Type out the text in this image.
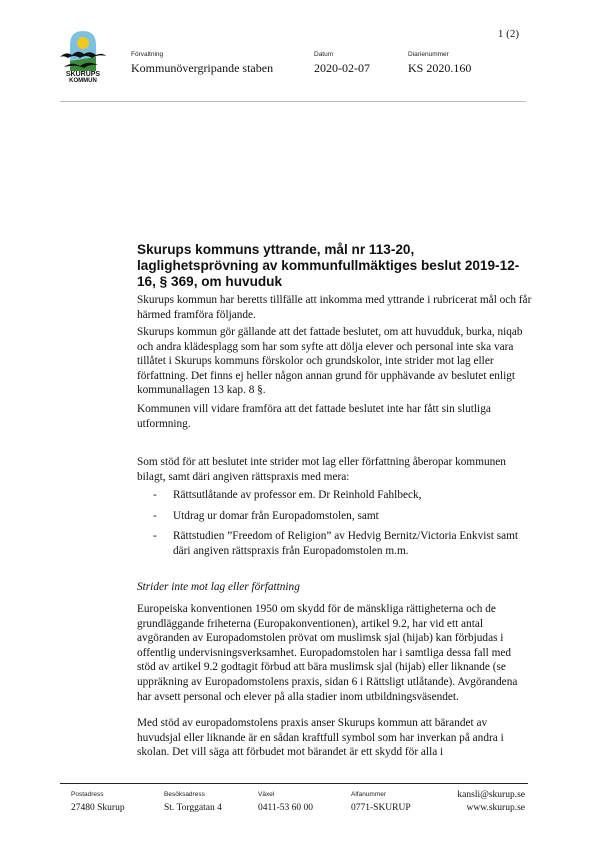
1 (2)
SKURUPS
KOMMUN
Förvaltning
Kommunövergripande staben
Datum
2020-02-07
Diarienummer
KS 2020.160
Skurups kommuns yttrande, mål nr 113-20, laglighetsprövning av kommunfullmäktiges beslut 2019-12-16, § 369, om huvuduk

Skurups kommun har beretts tillfälle att inkomma med yttrande i rubricerat mål och får härmed framföra följande.

Skurups kommun gör gällande att det fattade beslutet, om att huvudduk, burka, niqab och andra klädesplagg som har som syfte att dölja elever och personal inte ska vara tillåtet i Skurups kommuns förskolor och grundskolor, inte strider mot lag eller författning. Det finns ej heller någon annan grund för upphävande av beslutet enligt kommunallagen 13 kap. 8 §.

Kommunen vill vidare framföra att det fattade beslutet inte har fått sin slutliga utformning.

Som stöd för att beslutet inte strider mot lag eller författning åberopar kommunen bilagt, samt däri angiven rättspraxis med mera:

- Rättsutlåtande av professor em. Dr Reinhold Fahlbeck,
- Utdrag ur domar från Europadomstolen, samt
- Rättstudien ”Freedom of Religion” av Hedvig Bernitz/Victoria Enkvist samt däri angiven rättspraxis från Europadomstolen m.m.
Strider inte mot lag eller författning

Europeiska konventionen 1950 om skydd för de mänskliga rättigheterna och de grundläggande friheterna (Europakonventionen), artikel 9.2, har vid ett antal avgöranden av Europadomstolen prövat om muslimsk sjal (hijab) kan förbjudas i offentlig undervisningsverksamhet. Europadomstolen har i samtliga dessa fall med stöd av artikel 9.2 godtagit förbud att bära muslimsk sjal (hijab) eller liknande (se uppräkning av Europadomstolens praxis, sidan 6 i Rättsligt utlåtande). Avgörandena har avsett personal och elever på alla stadier inom utbildningsväsendet.

Med stöd av europadomstolens praxis anser Skurups kommun att bärandet av huvudsjal eller liknande är en sådan kraftfull symbol som har inverkan på andra i skolan. Det vill säga att förbudet mot bärandet är ett skydd för alla i

Postadress
27480 Skurup
Besöksadress
St. Torggatan 4
Växel
0411-53 60 00
Alfanummer
0771-SKURUP
kansli@skurup.se
www.skurup.se
